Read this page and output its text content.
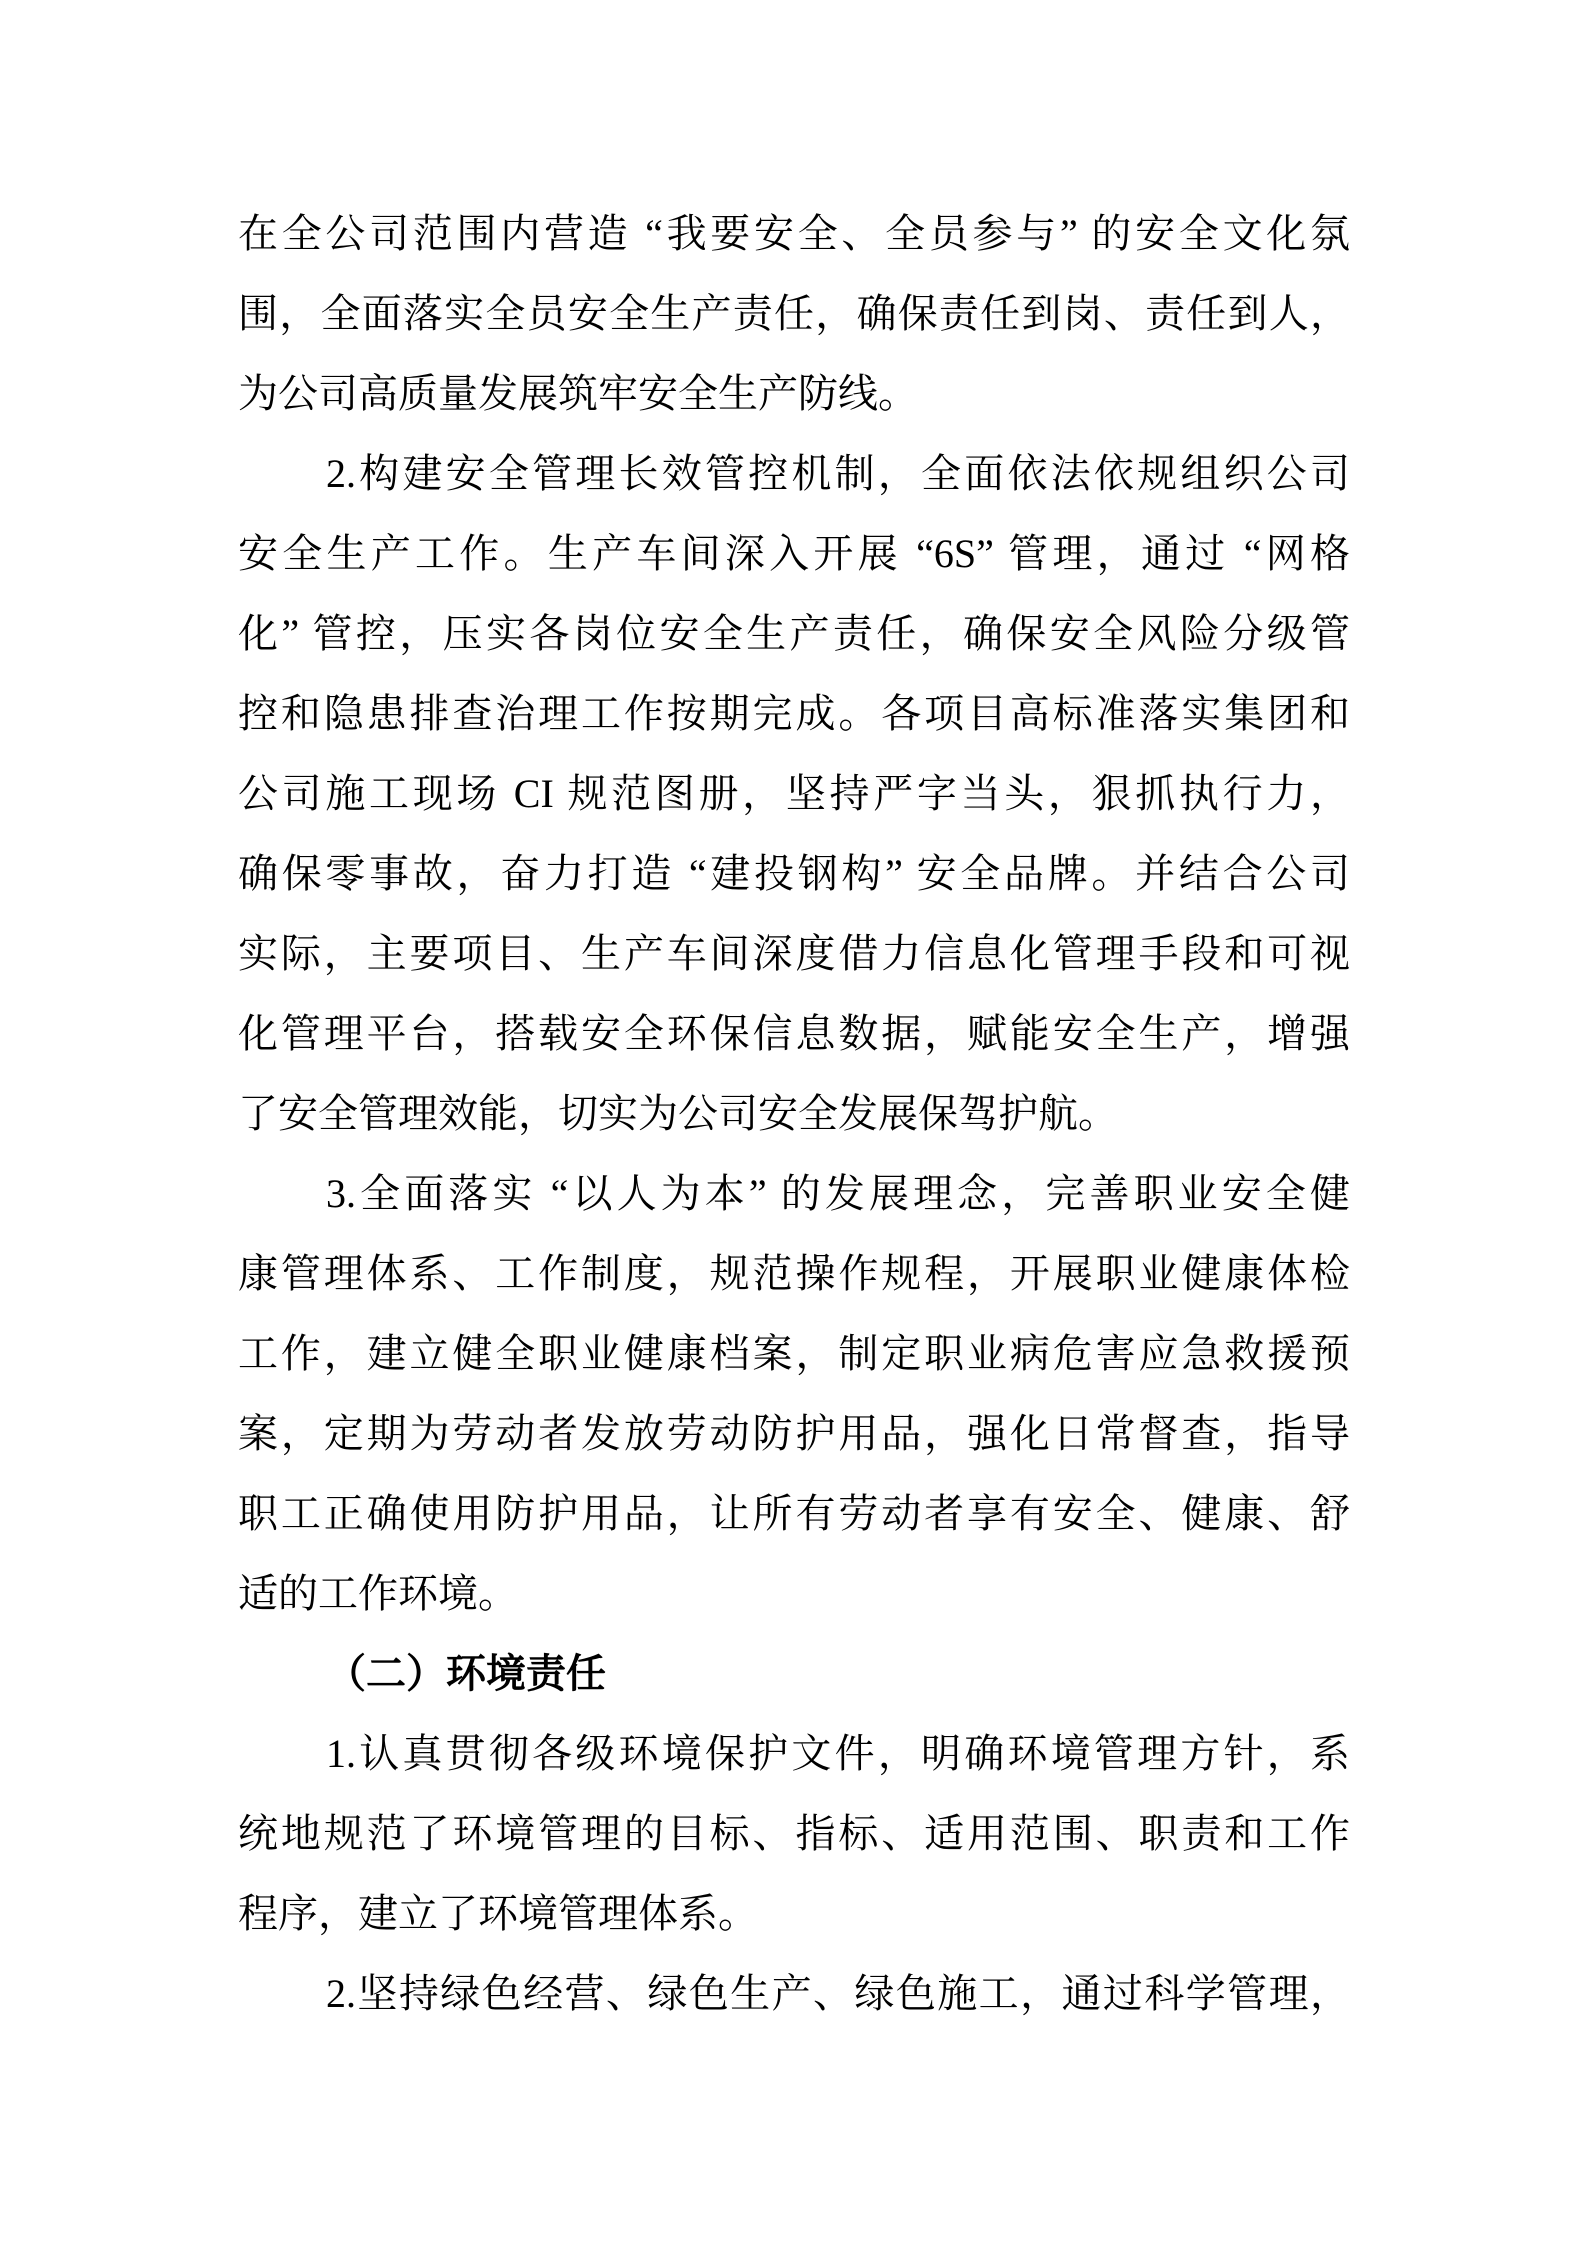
在全公司范围内营造 “我要安全、全员参与” 的安全文化氛
围，全面落实全员安全生产责任，确保责任到岗、责任到人，
为公司高质量发展筑牢安全生产防线。
2.构建安全管理长效管控机制，全面依法依规组织公司
安全生产工作。生产车间深入开展 “6S” 管理，通过 “网格
化” 管控，压实各岗位安全生产责任，确保安全风险分级管
控和隐患排查治理工作按期完成。各项目高标准落实集团和
公司施工现场 CI 规范图册，坚持严字当头，狠抓执行力，
确保零事故，奋力打造 “建投钢构” 安全品牌。并结合公司
实际，主要项目、生产车间深度借力信息化管理手段和可视
化管理平台，搭载安全环保信息数据，赋能安全生产，增强
了安全管理效能，切实为公司安全发展保驾护航。
3.全面落实 “以人为本” 的发展理念，完善职业安全健
康管理体系、工作制度，规范操作规程，开展职业健康体检
工作，建立健全职业健康档案，制定职业病危害应急救援预
案，定期为劳动者发放劳动防护用品，强化日常督查，指导
职工正确使用防护用品，让所有劳动者享有安全、健康、舒
适的工作环境。
（二）环境责任
1.认真贯彻各级环境保护文件，明确环境管理方针，系
统地规范了环境管理的目标、指标、适用范围、职责和工作
程序，建立了环境管理体系。
2.坚持绿色经营、绿色生产、绿色施工，通过科学管理，
